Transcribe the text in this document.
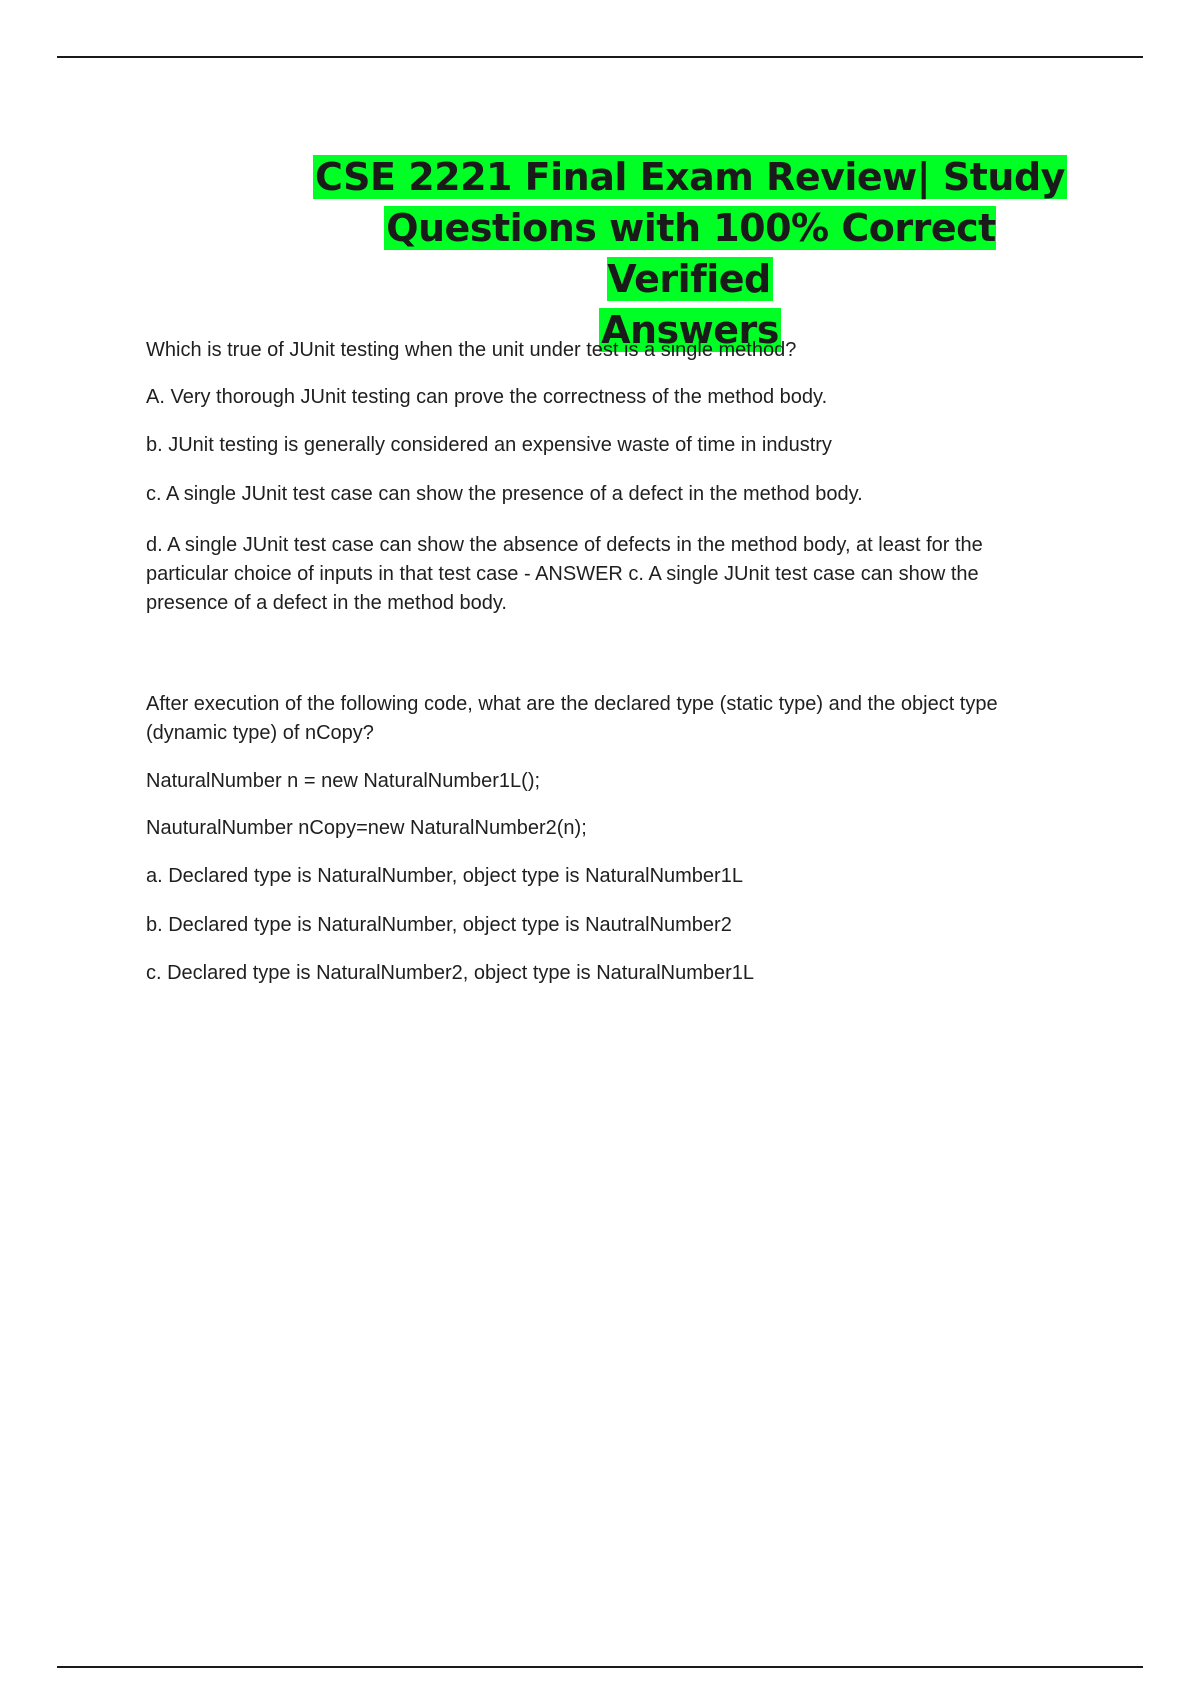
CSE 2221 Final Exam Review| Study
Questions with 100% Correct Verified
Answers

Which is true of JUnit testing when the unit under test is a single method?

A. Very thorough JUnit testing can prove the correctness of the method body.

b. JUnit testing is generally considered an expensive waste of time in industry

c. A single JUnit test case can show the presence of a defect in the method body.

d. A single JUnit test case can show the absence of defects in the method body, at least for the particular choice of inputs in that test case - ANSWER c. A single JUnit test case can show the presence of a defect in the method body.

After execution of the following code, what are the declared type (static type) and the object type (dynamic type) of nCopy?

NaturalNumber n = new NaturalNumber1L();

NauturalNumber nCopy=new NaturalNumber2(n);

a. Declared type is NaturalNumber, object type is NaturalNumber1L

b. Declared type is NaturalNumber, object type is NautralNumber2

c. Declared type is NaturalNumber2, object type is NaturalNumber1L
